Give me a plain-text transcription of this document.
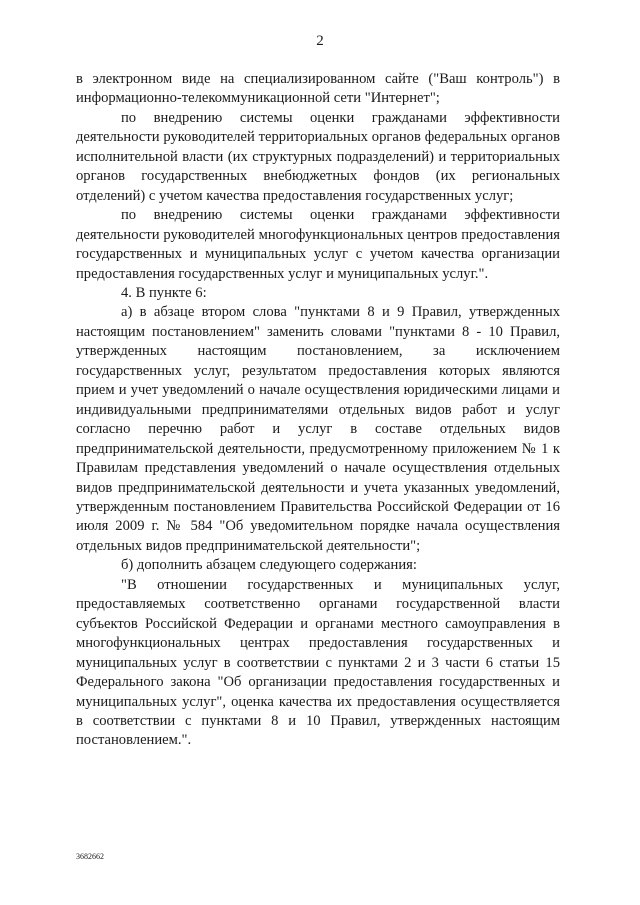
2

в электронном виде на специализированном сайте ("Ваш контроль") в информационно-телекоммуникационной сети "Интернет";

по внедрению системы оценки гражданами эффективности деятельности руководителей территориальных органов федеральных органов исполнительной власти (их структурных подразделений) и территориальных органов государственных внебюджетных фондов (их региональных отделений) с учетом качества предоставления государственных услуг;

по внедрению системы оценки гражданами эффективности деятельности руководителей многофункциональных центров предоставления государственных и муниципальных услуг с учетом качества организации предоставления государственных услуг и муниципальных услуг.".

4. В пункте 6:

а) в абзаце втором слова "пунктами 8 и 9 Правил, утвержденных настоящим постановлением" заменить словами "пунктами 8 - 10 Правил, утвержденных настоящим постановлением, за исключением государственных услуг, результатом предоставления которых являются прием и учет уведомлений о начале осуществления юридическими лицами и индивидуальными предпринимателями отдельных видов работ и услуг согласно перечню работ и услуг в составе отдельных видов предпринимательской деятельности, предусмотренному приложением № 1 к Правилам представления уведомлений о начале осуществления отдельных видов предпринимательской деятельности и учета указанных уведомлений, утвержденным постановлением Правительства Российской Федерации от 16 июля 2009 г. № 584 "Об уведомительном порядке начала осуществления отдельных видов предпринимательской деятельности";

б) дополнить абзацем следующего содержания:

"В отношении государственных и муниципальных услуг, предоставляемых соответственно органами государственной власти субъектов Российской Федерации и органами местного самоуправления в многофункциональных центрах предоставления государственных и муниципальных услуг в соответствии с пунктами 2 и 3 части 6 статьи 15 Федерального закона "Об организации предоставления государственных и муниципальных услуг", оценка качества их предоставления осуществляется в соответствии с пунктами 8 и 10 Правил, утвержденных настоящим постановлением.".

3682662
